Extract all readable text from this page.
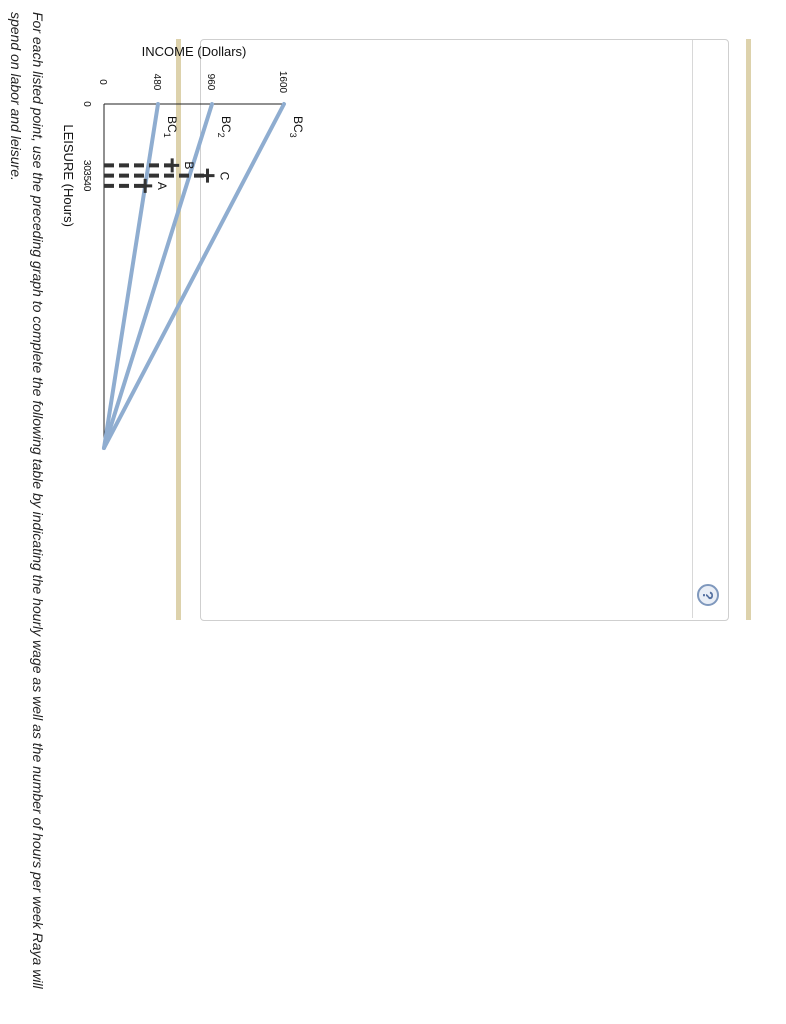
For each listed point, use the preceding graph to complete the following table by indicating the hourly wage as well as the number of hours per week Raya will spend on labor and leisure.	$BC_1$
$BC_2$
$BC_3$
A
B
C
0
30
35
40
0	480	960	1600
LEISURE (Hours)
INCOME (Dollars)
?
